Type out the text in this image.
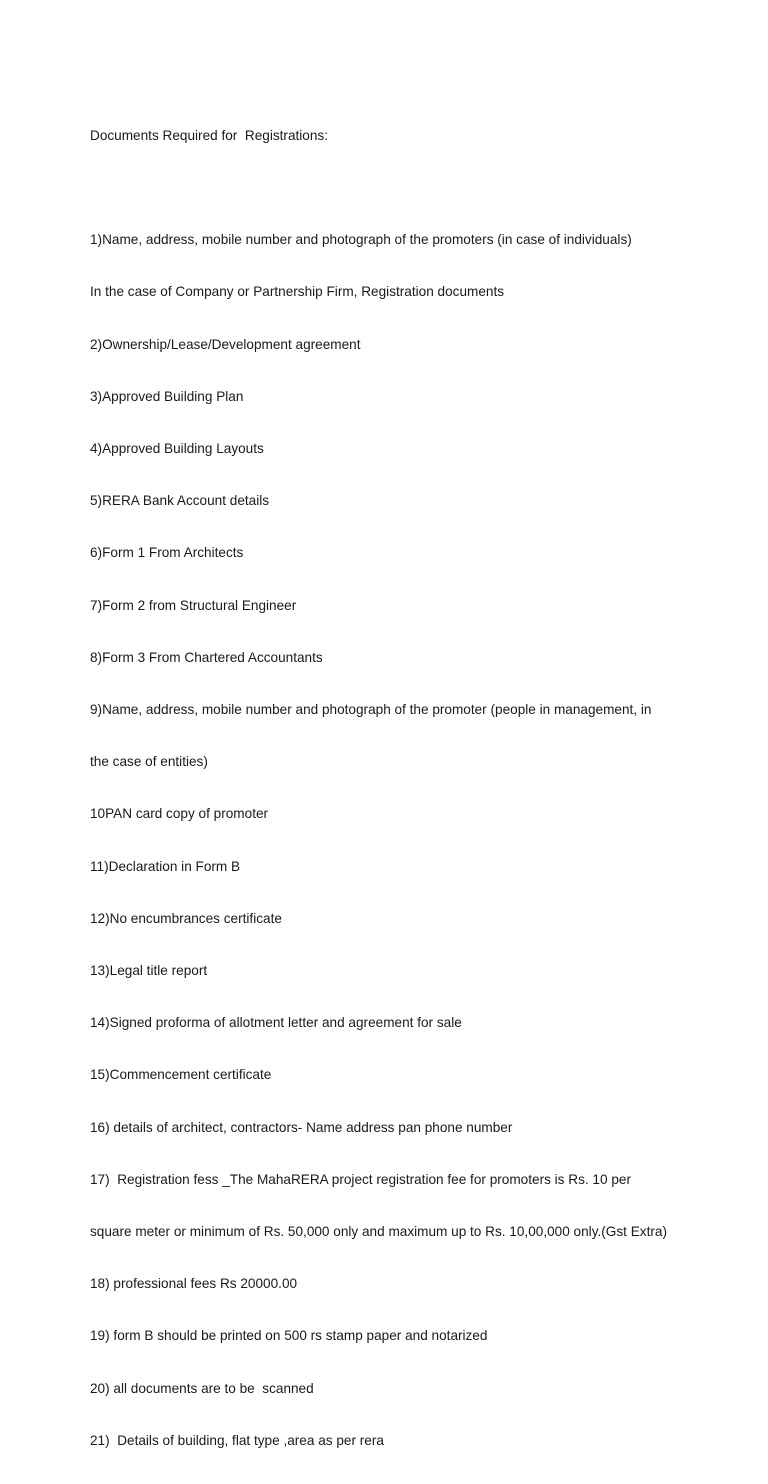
Documents Required for  Registrations:

1)Name, address, mobile number and photograph of the promoters (in case of individuals)

In the case of Company or Partnership Firm, Registration documents

2)Ownership/Lease/Development agreement

3)Approved Building Plan

4)Approved Building Layouts

5)RERA Bank Account details

6)Form 1 From Architects

7)Form 2 from Structural Engineer

8)Form 3 From Chartered Accountants

9)Name, address, mobile number and photograph of the promoter (people in management, in

the case of entities)

10PAN card copy of promoter

11)Declaration in Form B

12)No encumbrances certificate

13)Legal title report

14)Signed proforma of allotment letter and agreement for sale

15)Commencement certificate

16) details of architect, contractors- Name address pan phone number

17)  Registration fess _The MahaRERA project registration fee for promoters is Rs. 10 per

square meter or minimum of Rs. 50,000 only and maximum up to Rs. 10,00,000 only.(Gst Extra)

18) professional fees Rs 20000.00

19) form B should be printed on 500 rs stamp paper and notarized

20) all documents are to be  scanned

21)  Details of building, flat type ,area as per rera
